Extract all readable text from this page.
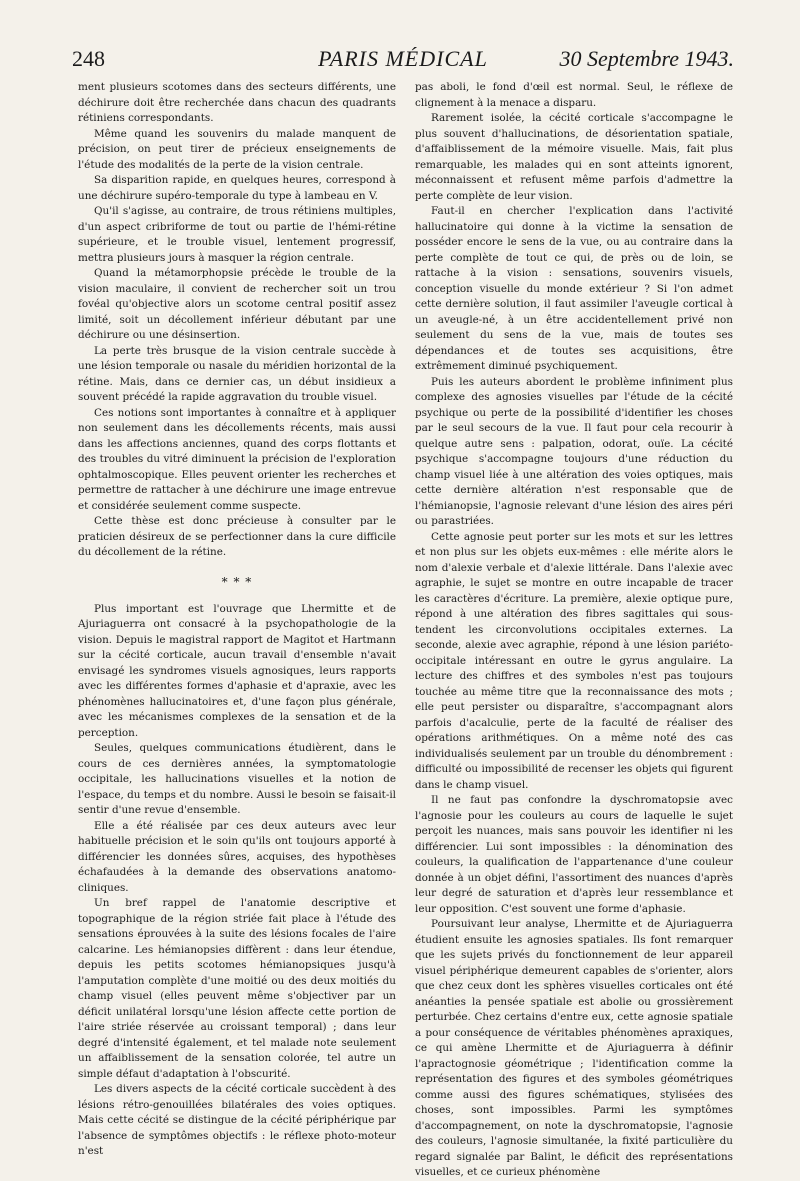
248	PARIS MÉDICAL	30 Septembre 1943.

ment plusieurs scotomes dans des secteurs différents, une déchirure doit être recherchée dans chacun des quadrants rétiniens correspondants.

Même quand les souvenirs du malade manquent de précision, on peut tirer de précieux enseignements de l'étude des modalités de la perte de la vision centrale.

Sa disparition rapide, en quelques heures, correspond à une déchirure supéro-temporale du type à lambeau en V.

Qu'il s'agisse, au contraire, de trous rétiniens multiples, d'un aspect cribriforme de tout ou partie de l'hémi-rétine supérieure, et le trouble visuel, lentement progressif, mettra plusieurs jours à masquer la région centrale.

Quand la métamorphopsie précède le trouble de la vision maculaire, il convient de rechercher soit un trou fovéal qu'objective alors un scotome central positif assez limité, soit un décollement inférieur débutant par une déchirure ou une désinsertion.

La perte très brusque de la vision centrale succède à une lésion temporale ou nasale du méridien horizontal de la rétine. Mais, dans ce dernier cas, un début insidieux a souvent précédé la rapide aggravation du trouble visuel.

Ces notions sont importantes à connaître et à appliquer non seulement dans les décollements récents, mais aussi dans les affections anciennes, quand des corps flottants et des troubles du vitré diminuent la précision de l'exploration ophtalmoscopique. Elles peuvent orienter les recherches et permettre de rattacher à une déchirure une image entrevue et considérée seulement comme suspecte.

Cette thèse est donc précieuse à consulter par le praticien désireux de se perfectionner dans la cure difficile du décollement de la rétine.

* * *

Plus important est l'ouvrage que Lhermitte et de Ajuriaguerra ont consacré à la psychopathologie de la vision. Depuis le magistral rapport de Magitot et Hartmann sur la cécité corticale, aucun travail d'ensemble n'avait envisagé les syndromes visuels agnosiques, leurs rapports avec les différentes formes d'aphasie et d'apraxie, avec les phénomènes hallucinatoires et, d'une façon plus générale, avec les mécanismes complexes de la sensation et de la perception.

Seules, quelques communications étudièrent, dans le cours de ces dernières années, la symptomatologie occipitale, les hallucinations visuelles et la notion de l'espace, du temps et du nombre. Aussi le besoin se faisait-il sentir d'une revue d'ensemble.

Elle a été réalisée par ces deux auteurs avec leur habituelle précision et le soin qu'ils ont toujours apporté à différencier les données sûres, acquises, des hypothèses échafaudées à la demande des observations anatomo-cliniques.

Un bref rappel de l'anatomie descriptive et topographique de la région striée fait place à l'étude des sensations éprouvées à la suite des lésions focales de l'aire calcarine. Les hémianopsies diffèrent : dans leur étendue, depuis les petits scotomes hémianopsiques jusqu'à l'amputation complète d'une moitié ou des deux moitiés du champ visuel (elles peuvent même s'objectiver par un déficit unilatéral lorsqu'une lésion affecte cette portion de l'aire striée réservée au croissant temporal) ; dans leur degré d'intensité également, et tel malade note seulement un affaiblissement de la sensation colorée, tel autre un simple défaut d'adaptation à l'obscurité.

Les divers aspects de la cécité corticale succèdent à des lésions rétro-genouillées bilatérales des voies optiques. Mais cette cécité se distingue de la cécité périphérique par l'absence de symptômes objectifs : le réflexe photo-moteur n'est

pas aboli, le fond d'œil est normal. Seul, le réflexe de clignement à la menace a disparu.

Rarement isolée, la cécité corticale s'accompagne le plus souvent d'hallucinations, de désorientation spatiale, d'affaiblissement de la mémoire visuelle. Mais, fait plus remarquable, les malades qui en sont atteints ignorent, méconnaissent et refusent même parfois d'admettre la perte complète de leur vision.

Faut-il en chercher l'explication dans l'activité hallucinatoire qui donne à la victime la sensation de posséder encore le sens de la vue, ou au contraire dans la perte complète de tout ce qui, de près ou de loin, se rattache à la vision : sensations, souvenirs visuels, conception visuelle du monde extérieur ? Si l'on admet cette dernière solution, il faut assimiler l'aveugle cortical à un aveugle-né, à un être accidentellement privé non seulement du sens de la vue, mais de toutes ses dépendances et de toutes ses acquisitions, être extrêmement diminué psychiquement.

Puis les auteurs abordent le problème infiniment plus complexe des agnosies visuelles par l'étude de la cécité psychique ou perte de la possibilité d'identifier les choses par le seul secours de la vue. Il faut pour cela recourir à quelque autre sens : palpation, odorat, ouïe. La cécité psychique s'accompagne toujours d'une réduction du champ visuel liée à une altération des voies optiques, mais cette dernière altération n'est responsable que de l'hémianopsie, l'agnosie relevant d'une lésion des aires péri ou parastriées.

Cette agnosie peut porter sur les mots et sur les lettres et non plus sur les objets eux-mêmes : elle mérite alors le nom d'alexie verbale et d'alexie littérale. Dans l'alexie avec agraphie, le sujet se montre en outre incapable de tracer les caractères d'écriture. La première, alexie optique pure, répond à une altération des fibres sagittales qui sous-tendent les circonvolutions occipitales externes. La seconde, alexie avec agraphie, répond à une lésion pariéto-occipitale intéressant en outre le gyrus angulaire. La lecture des chiffres et des symboles n'est pas toujours touchée au même titre que la reconnaissance des mots ; elle peut persister ou disparaître, s'accompagnant alors parfois d'acalculie, perte de la faculté de réaliser des opérations arithmétiques. On a même noté des cas individualisés seulement par un trouble du dénombrement : difficulté ou impossibilité de recenser les objets qui figurent dans le champ visuel.

Il ne faut pas confondre la dyschromatopsie avec l'agnosie pour les couleurs au cours de laquelle le sujet perçoit les nuances, mais sans pouvoir les identifier ni les différencier. Lui sont impossibles : la dénomination des couleurs, la qualification de l'appartenance d'une couleur donnée à un objet défini, l'assortiment des nuances d'après leur degré de saturation et d'après leur ressemblance et leur opposition. C'est souvent une forme d'aphasie.

Poursuivant leur analyse, Lhermitte et de Ajuriaguerra étudient ensuite les agnosies spatiales. Ils font remarquer que les sujets privés du fonctionnement de leur appareil visuel périphérique demeurent capables de s'orienter, alors que chez ceux dont les sphères visuelles corticales ont été anéanties la pensée spatiale est abolie ou grossièrement perturbée. Chez certains d'entre eux, cette agnosie spatiale a pour conséquence de véritables phénomènes apraxiques, ce qui amène Lhermitte et de Ajuriaguerra à définir l'apractognosie géométrique ; l'identification comme la représentation des figures et des symboles géométriques comme aussi des figures schématiques, stylisées des choses, sont impossibles. Parmi les symptômes d'accompagnement, on note la dyschromatopsie, l'agnosie des couleurs, l'agnosie simultanée, la fixité particulière du regard signalée par Balint, le déficit des représentations visuelles, et ce curieux phénomène
